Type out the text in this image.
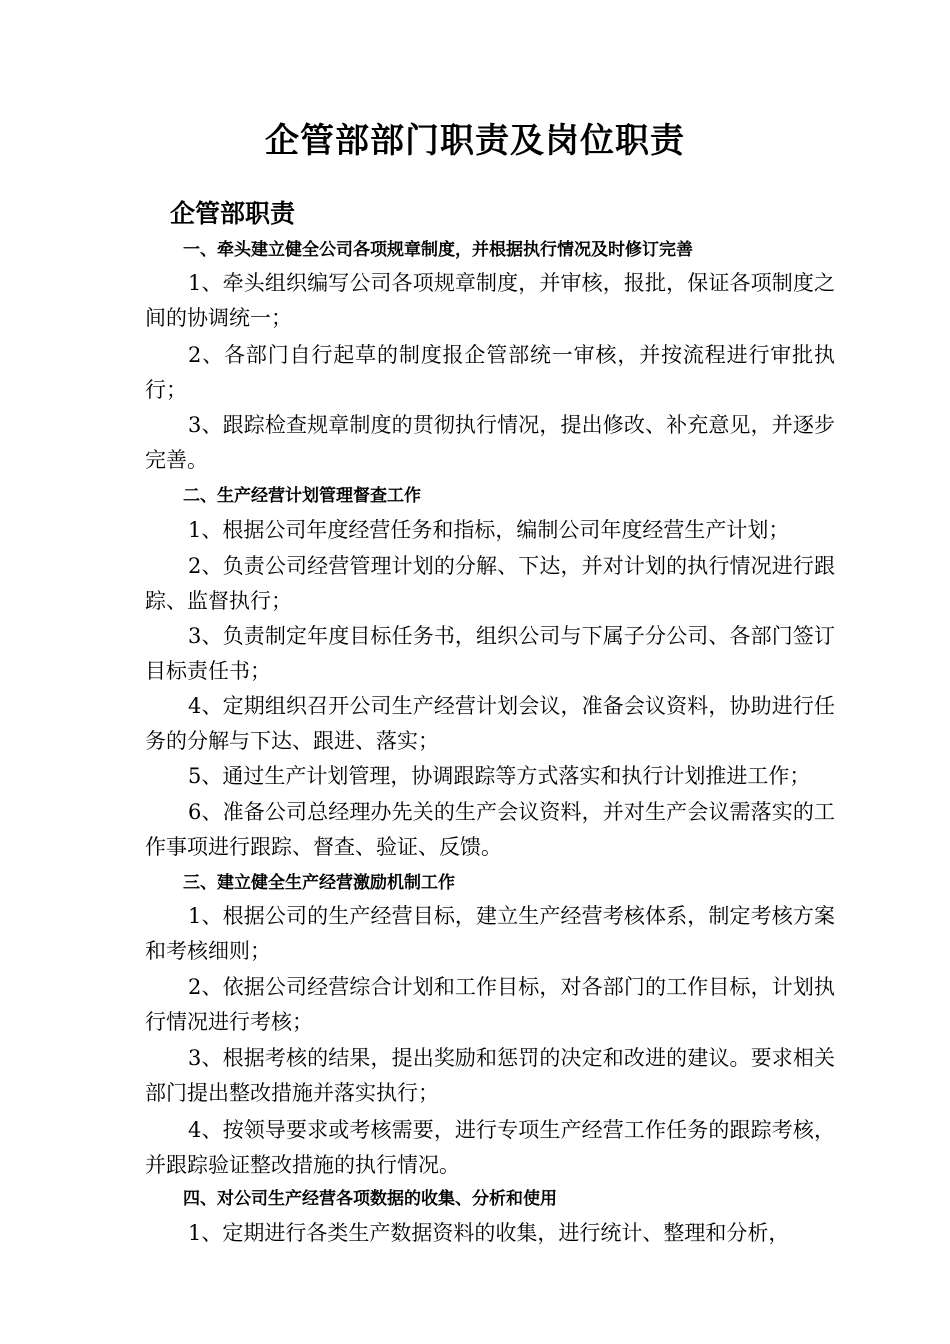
企管部部门职责及岗位职责
企管部职责
一、牵头建立健全公司各项规章制度，并根据执行情况及时修订完善

1、牵头组织编写公司各项规章制度，并审核，报批，保证各项制度之间的协调统一；

2、各部门自行起草的制度报企管部统一审核，并按流程进行审批执行；

3、跟踪检查规章制度的贯彻执行情况，提出修改、补充意见，并逐步完善。

二、生产经营计划管理督查工作

1、根据公司年度经营任务和指标，编制公司年度经营生产计划；

2、负责公司经营管理计划的分解、下达，并对计划的执行情况进行跟踪、监督执行；

3、负责制定年度目标任务书，组织公司与下属子分公司、各部门签订目标责任书；

4、定期组织召开公司生产经营计划会议，准备会议资料，协助进行任务的分解与下达、跟进、落实；

5、通过生产计划管理，协调跟踪等方式落实和执行计划推进工作；

6、准备公司总经理办先关的生产会议资料，并对生产会议需落实的工作事项进行跟踪、督查、验证、反馈。

三、建立健全生产经营激励机制工作

1、根据公司的生产经营目标，建立生产经营考核体系，制定考核方案和考核细则；

2、依据公司经营综合计划和工作目标，对各部门的工作目标，计划执行情况进行考核；

3、根据考核的结果，提出奖励和惩罚的决定和改进的建议。要求相关部门提出整改措施并落实执行；

4、按领导要求或考核需要，进行专项生产经营工作任务的跟踪考核，并跟踪验证整改措施的执行情况。

四、对公司生产经营各项数据的收集、分析和使用

1、定期进行各类生产数据资料的收集，进行统计、整理和分析，
